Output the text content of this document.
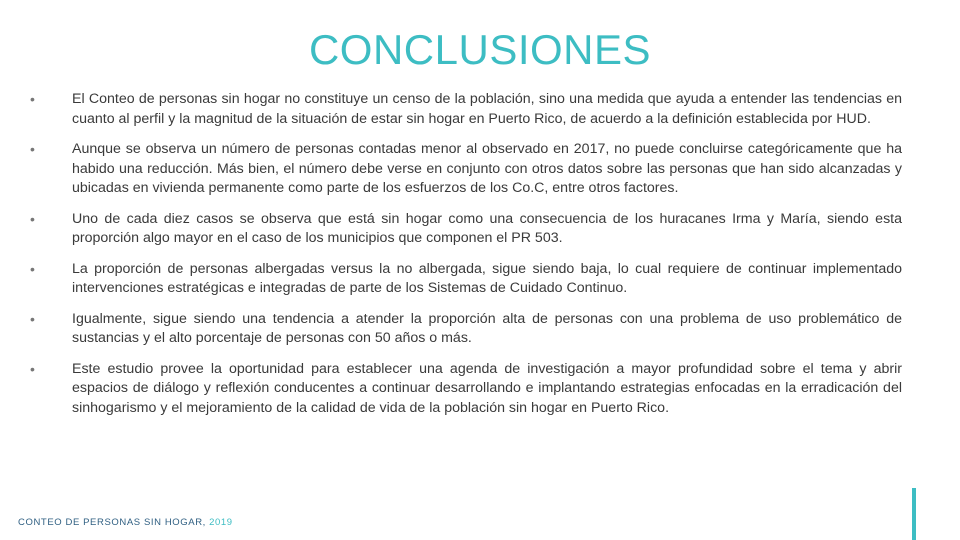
CONCLUSIONES
•	El Conteo de personas sin hogar no constituye un censo de la población, sino una medida que ayuda a entender las tendencias en cuanto al perfil y la magnitud de la situación de estar sin hogar en Puerto Rico, de acuerdo a la definición establecida por HUD.
•	Aunque se observa un número de personas contadas menor al observado en 2017, no puede concluirse categóricamente que ha habido una reducción. Más bien, el número debe verse en conjunto con otros datos sobre las personas que han sido alcanzadas y ubicadas en vivienda permanente como parte de los esfuerzos de los Co.C, entre otros factores.
•	Uno de cada diez casos se observa que está sin hogar como una consecuencia de los huracanes Irma y María, siendo esta proporción algo mayor en el caso de los municipios que componen el PR 503.
•	La proporción de personas albergadas versus la no albergada, sigue siendo baja, lo cual requiere de continuar implementado intervenciones estratégicas e integradas de parte de los Sistemas de Cuidado Continuo.
•	Igualmente, sigue siendo una tendencia a atender la proporción alta de personas con una problema de uso problemático de sustancias y el alto porcentaje de personas con 50 años o más.
•	Este estudio provee la oportunidad para establecer una agenda de investigación a mayor profundidad sobre el tema y abrir espacios de diálogo y reflexión conducentes a continuar desarrollando e implantando estrategias enfocadas en la erradicación del sinhogarismo y el mejoramiento de la calidad de vida de la población sin hogar en Puerto Rico.
CONTEO DE PERSONAS SIN HOGAR, 2019
